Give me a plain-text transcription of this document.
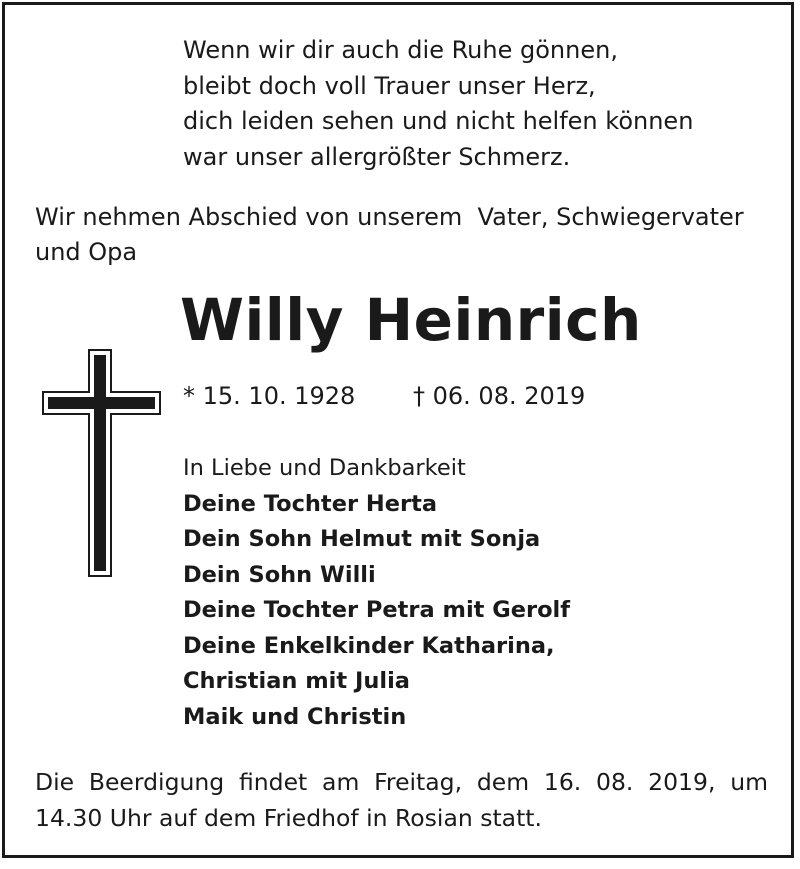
Wenn wir dir auch die Ruhe gönnen,
bleibt doch voll Trauer unser Herz,
dich leiden sehen und nicht helfen können
war unser allergrößter Schmerz.
Wir nehmen Abschied von unserem  Vater, Schwiegervater
und Opa
Willy Heinrich
* 15. 10. 1928 † 06. 08. 2019
In Liebe und Dankbarkeit
Deine Tochter Herta
Dein Sohn Helmut mit Sonja
Dein Sohn Willi
Deine Tochter Petra mit Gerolf
Deine Enkelkinder Katharina,
Christian mit Julia
Maik und Christin
Die Beerdigung findet am Freitag, dem 16. 08. 2019, um
14.30 Uhr auf dem Friedhof in Rosian statt.
